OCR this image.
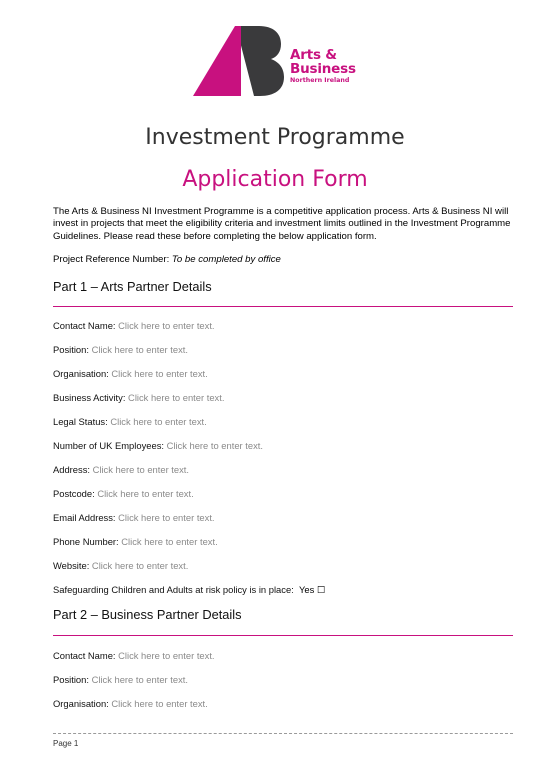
Arts &
Business
Northern Ireland
Investment Programme
Application Form

The Arts & Business NI Investment Programme is a competitive application process. Arts & Business NI will invest in projects that meet the eligibility criteria and investment limits outlined in the Investment Programme Guidelines. Please read these before completing the below application form.

Project Reference Number: To be completed by office
Part 1 – Arts Partner Details
Contact Name: Click here to enter text.
Position: Click here to enter text.
Organisation: Click here to enter text.
Business Activity: Click here to enter text.
Legal Status: Click here to enter text.
Number of UK Employees: Click here to enter text.
Address: Click here to enter text.
Postcode: Click here to enter text.
Email Address: Click here to enter text.
Phone Number: Click here to enter text.
Website: Click here to enter text.
Safeguarding Children and Adults at risk policy is in place: Yes ☐
Part 2 – Business Partner Details
Contact Name: Click here to enter text.
Position: Click here to enter text.
Organisation: Click here to enter text.
Page 1
